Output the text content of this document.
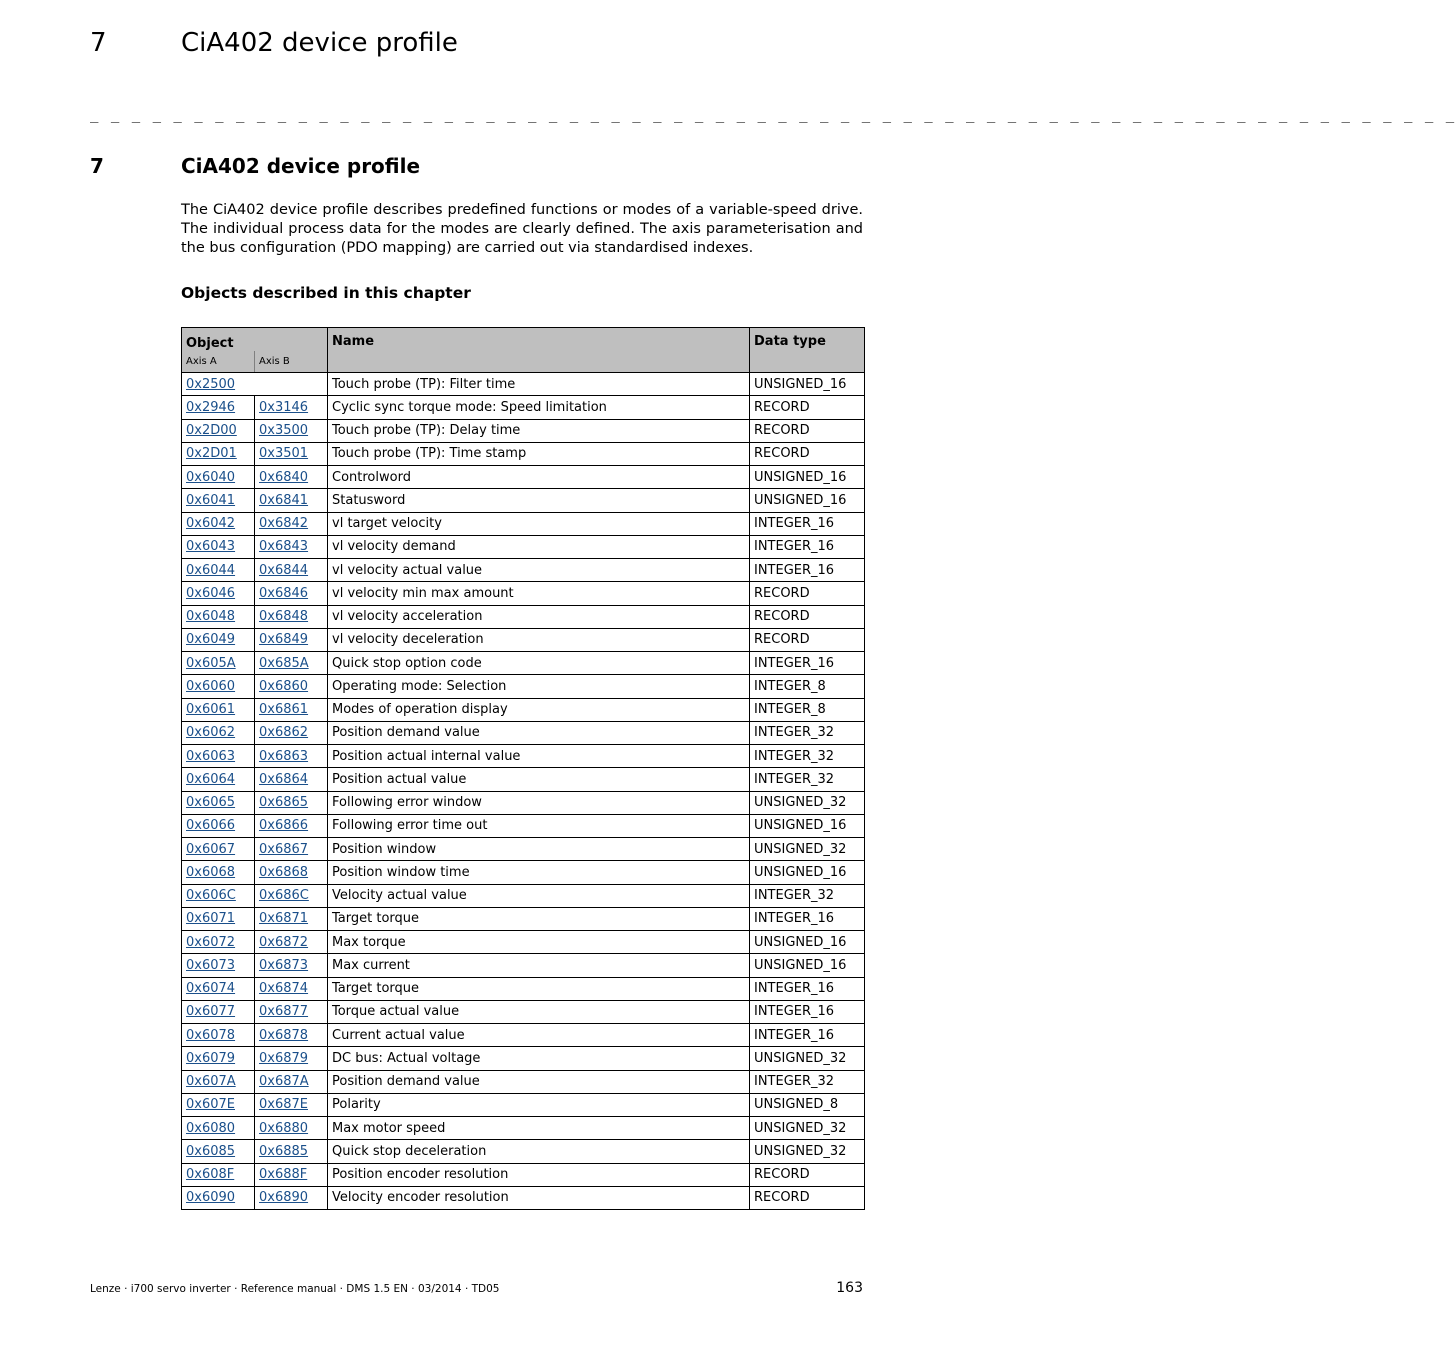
7	CiA402 device profile
_ _ _ _ _ _ _ _ _ _ _ _ _ _ _ _ _ _ _ _ _ _ _ _ _ _ _ _ _ _ _ _ _ _ _ _ _ _ _ _ _ _ _ _ _ _ _ _ _ _ _ _ _ _ _ _ _ _ _ _ _ _ _ _ _ _
7	CiA402 device profile

The CiA402 device profile describes predefined functions or modes of a variable-speed drive. The individual process data for the modes are clearly defined. The axis parameterisation and the bus configuration (PDO mapping) are carried out via standardised indexes.

Objects described in this chapter
Object		Name	Data type
Axis A	Axis B		
0x2500		Touch probe (TP): Filter time	UNSIGNED_16
0x2946	0x3146	Cyclic sync torque mode: Speed limitation	RECORD
0x2D00	0x3500	Touch probe (TP): Delay time	RECORD
0x2D01	0x3501	Touch probe (TP): Time stamp	RECORD
0x6040	0x6840	Controlword	UNSIGNED_16
0x6041	0x6841	Statusword	UNSIGNED_16
0x6042	0x6842	vl target velocity	INTEGER_16
0x6043	0x6843	vl velocity demand	INTEGER_16
0x6044	0x6844	vl velocity actual value	INTEGER_16
0x6046	0x6846	vl velocity min max amount	RECORD
0x6048	0x6848	vl velocity acceleration	RECORD
0x6049	0x6849	vl velocity deceleration	RECORD
0x605A	0x685A	Quick stop option code	INTEGER_16
0x6060	0x6860	Operating mode: Selection	INTEGER_8
0x6061	0x6861	Modes of operation display	INTEGER_8
0x6062	0x6862	Position demand value	INTEGER_32
0x6063	0x6863	Position actual internal value	INTEGER_32
0x6064	0x6864	Position actual value	INTEGER_32
0x6065	0x6865	Following error window	UNSIGNED_32
0x6066	0x6866	Following error time out	UNSIGNED_16
0x6067	0x6867	Position window	UNSIGNED_32
0x6068	0x6868	Position window time	UNSIGNED_16
0x606C	0x686C	Velocity actual value	INTEGER_32
0x6071	0x6871	Target torque	INTEGER_16
0x6072	0x6872	Max torque	UNSIGNED_16
0x6073	0x6873	Max current	UNSIGNED_16
0x6074	0x6874	Target torque	INTEGER_16
0x6077	0x6877	Torque actual value	INTEGER_16
0x6078	0x6878	Current actual value	INTEGER_16
0x6079	0x6879	DC bus: Actual voltage	UNSIGNED_32
0x607A	0x687A	Position demand value	INTEGER_32
0x607E	0x687E	Polarity	UNSIGNED_8
0x6080	0x6880	Max motor speed	UNSIGNED_32
0x6085	0x6885	Quick stop deceleration	UNSIGNED_32
0x608F	0x688F	Position encoder resolution	RECORD
0x6090	0x6890	Velocity encoder resolution	RECORD
Lenze · i700 servo inverter · Reference manual · DMS 1.5 EN · 03/2014 · TD05	163
